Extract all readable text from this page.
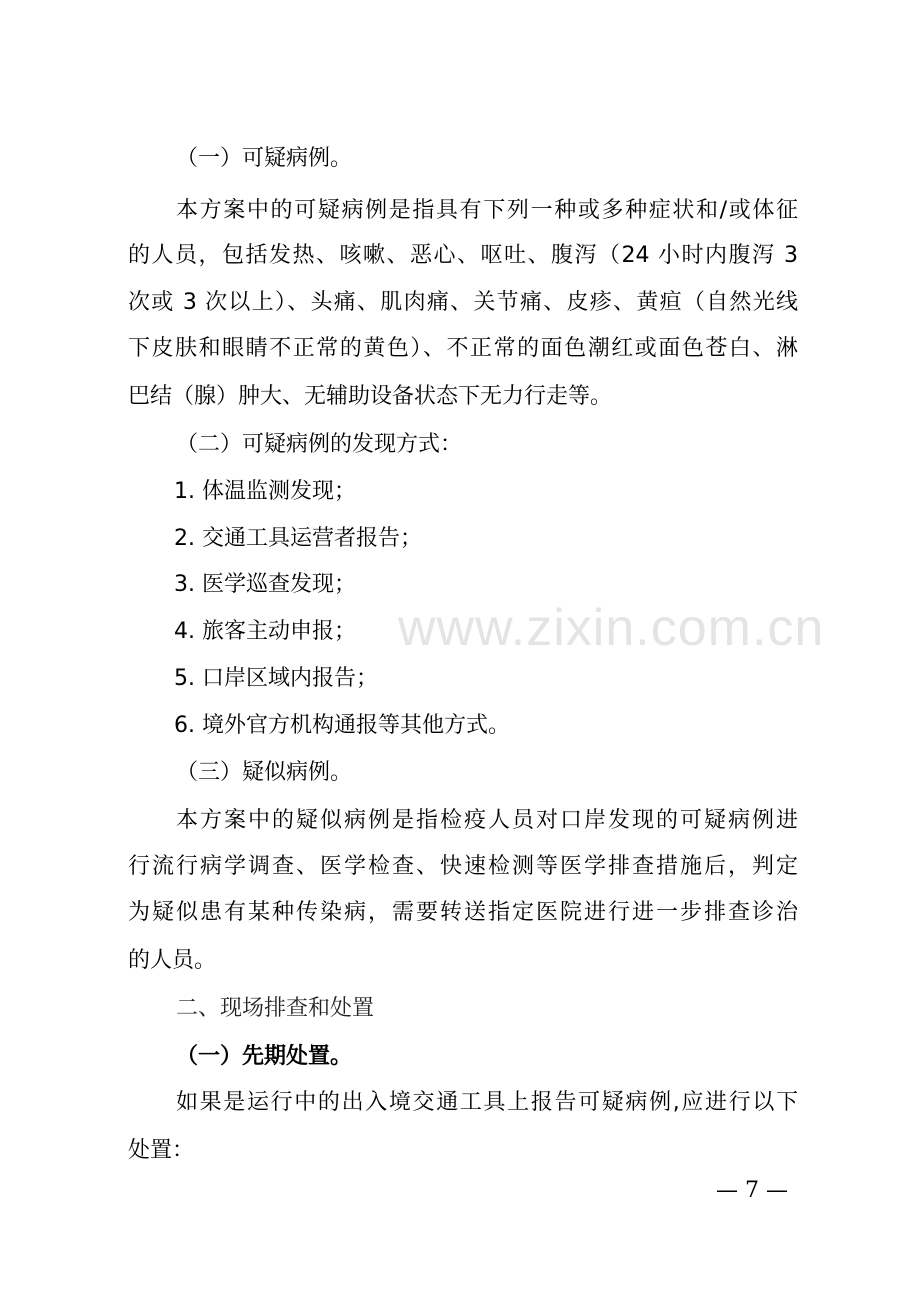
www.zixin.com.cn
（一）可疑病例。
本方案中的可疑病例是指具有下列一种或多种症状和/或体征
的人员，包括发热、咳嗽、恶心、呕吐、腹泻（24 小时内腹泻 3
次或 3 次以上）、头痛、肌肉痛、关节痛、皮疹、黄疸（自然光线
下皮肤和眼睛不正常的黄色）、不正常的面色潮红或面色苍白、淋
巴结（腺）肿大、无辅助设备状态下无力行走等。
（二）可疑病例的发现方式：
1. 体温监测发现；
2. 交通工具运营者报告；
3. 医学巡查发现；
4. 旅客主动申报；
5. 口岸区域内报告；
6. 境外官方机构通报等其他方式。
（三）疑似病例。
本方案中的疑似病例是指检疫人员对口岸发现的可疑病例进
行流行病学调查、医学检查、快速检测等医学排查措施后，判定
为疑似患有某种传染病，需要转送指定医院进行进一步排查诊治
的人员。
二、现场排查和处置
（一）先期处置。
如果是运行中的出入境交通工具上报告可疑病例,应进行以下
处置：
— 7 —
